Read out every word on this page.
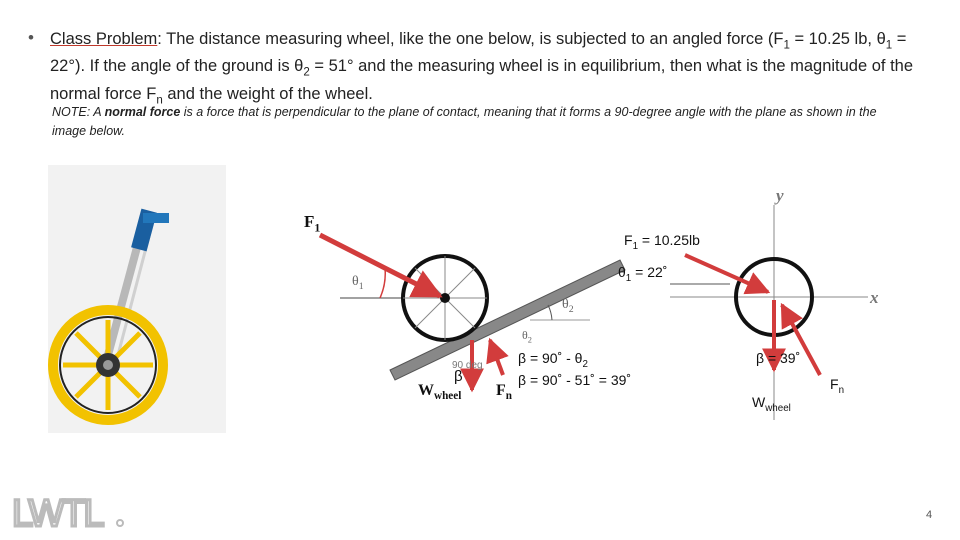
• Class Problem: The distance measuring wheel, like the one below, is subjected to an angled force ($F_1 = 10.25$ lb, $\theta_1 = 22^\circ$). If the angle of the ground is $\theta_2 = 51^\circ$ and the measuring wheel is in equilibrium, then what is the magnitude of the normal force $F_n$ and the weight of the wheel.
NOTE: A normal force is a force that is perpendicular to the plane of contact, meaning that it forms a 90-degree angle with the plane as shown in the image below.
$F_1$
$\theta_1$
$\theta_2$
$\theta_2$
90 deg
β
$W_{wheel}$ $F_n$
β = 90˚ - $\theta_2$
β = 90˚ - 51˚ = 39˚
y
x
$F_1 = 10.25lb$
$\theta_1$ = 22˚
β = 39˚
$W_{wheel}$
$F_n$
LWTL	4
